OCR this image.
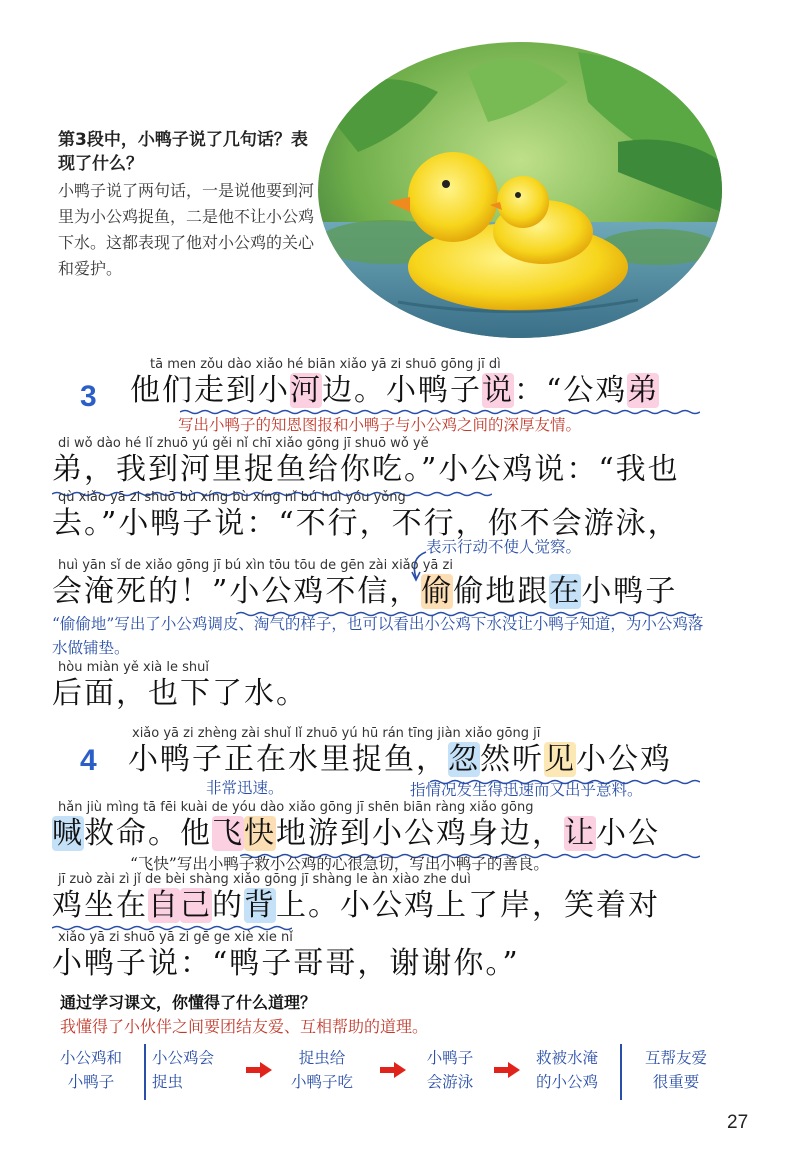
第3段中，小鸭子说了几句话？表现了什么？
小鸭子说了两句话，一是说他要到河里为小公鸡捉鱼，二是他不让小公鸡下水。这都表现了他对小公鸡的关心和爱护。
3
tā men zǒu dào xiǎo hé biān xiǎo yā zi shuō gōng jī dì
他们走到小河边。小鸭子说：“公鸡弟
写出小鸭子的知恩图报和小鸭子与小公鸡之间的深厚友情。
di wǒ dào hé lǐ zhuō yú gěi nǐ chī xiǎo gōng jī shuō wǒ yě
弟，我到河里捉鱼给你吃。”小公鸡说：“我也
qù xiǎo yā zi shuō bù xíng bù xíng nǐ bú huì yóu yǒng
去。”小鸭子说：“不行，不行，你不会游泳，
表示行动不使人觉察。
huì yān sǐ de xiǎo gōng jī bú xìn tōu tōu de gēn zài xiǎo yā zi
会淹死的！”小公鸡不信，偷偷地跟在小鸭子
“偷偷地”写出了小公鸡调皮、淘气的样子，也可以看出小公鸡下水没让小鸭子知道，为小公鸡落水做铺垫。
hòu miàn yě xià le shuǐ
后面，也下了水。
4
xiǎo yā zi zhèng zài shuǐ lǐ zhuō yú hū rán tīng jiàn xiǎo gōng jī
小鸭子正在水里捉鱼，忽然听见小公鸡
非常迅速。	指情况发生得迅速而又出乎意料。
hǎn jiù mìng tā fēi kuài de yóu dào xiǎo gōng jī shēn biān ràng xiǎo gōng
喊救命。他飞快地游到小公鸡身边，让小公
“飞快”写出小鸭子救小公鸡的心很急切，写出小鸭子的善良。
jī zuò zài zì jǐ de bèi shàng xiǎo gōng jī shàng le àn xiào zhe duì
鸡坐在自己的背上。小公鸡上了岸，笑着对
xiǎo yā zi shuō yā zi gē ge xiè xie nǐ
小鸭子说：“鸭子哥哥，谢谢你。”
通过学习课文，你懂得了什么道理？
我懂得了小伙伴之间要团结友爱、互相帮助的道理。
小公鸡和
小鸭子
小公鸡会
捉虫
捉虫给
小鸭子吃
小鸭子
会游泳
救被水淹
的小公鸡
互帮友爱
很重要
27
